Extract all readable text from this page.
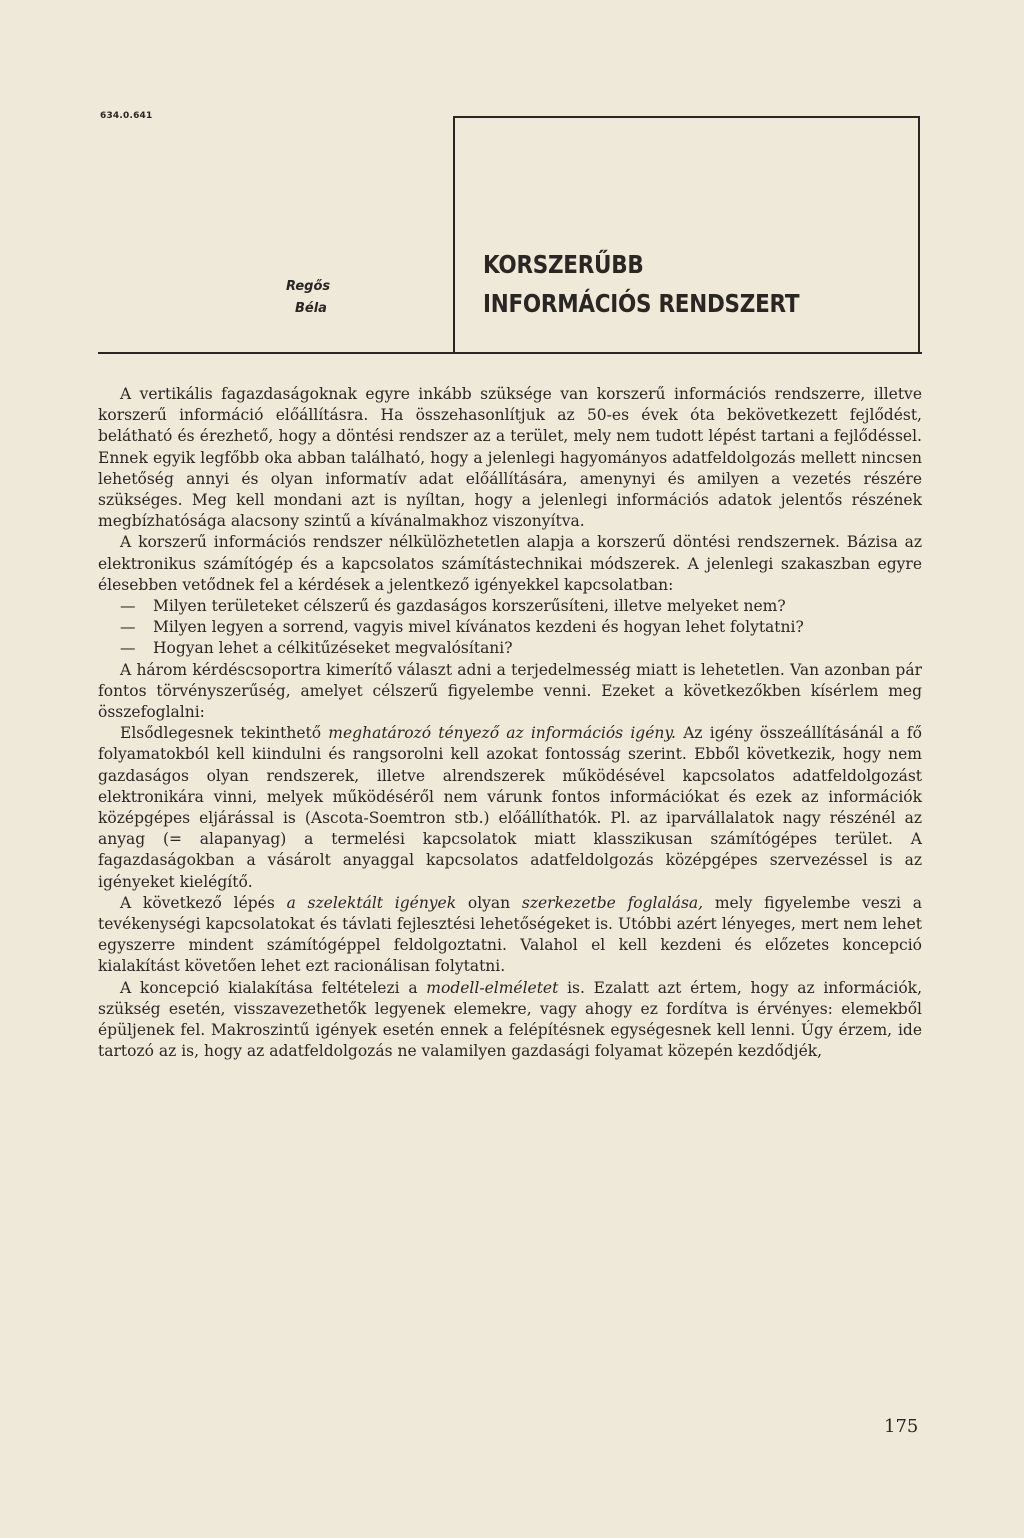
634.0.641
Regős
Béla
KORSZERŰBB
INFORMÁCIÓS RENDSZERT

A vertikális fagazdaságoknak egyre inkább szüksége van korszerű információs rendszerre, illetve korszerű információ előállításra. Ha összehasonlítjuk az 50-es évek óta bekövetkezett fejlődést, belátható és érezhető, hogy a döntési rendszer az a terület, mely nem tudott lépést tartani a fejlődéssel. Ennek egyik legfőbb oka abban található, hogy a jelenlegi hagyományos adatfeldolgozás mellett nincsen lehetőség annyi és olyan informatív adat előállítására, amenynyi és amilyen a vezetés részére szükséges. Meg kell mondani azt is nyíltan, hogy a jelenlegi információs adatok jelentős részének megbízhatósága alacsony szintű a kívánalmakhoz viszonyítva.

A korszerű információs rendszer nélkülözhetetlen alapja a korszerű döntési rendszernek. Bázisa az elektronikus számítógép és a kapcsolatos számítástechnikai módszerek. A jelenlegi szakaszban egyre élesebben vetődnek fel a kérdések a jelentkező igényekkel kapcsolatban:

— Milyen területeket célszerű és gazdaságos korszerűsíteni, illetve melyeket nem?
— Milyen legyen a sorrend, vagyis mivel kívánatos kezdeni és hogyan lehet folytatni?
— Hogyan lehet a célkitűzéseket megvalósítani?

A három kérdéscsoportra kimerítő választ adni a terjedelmesség miatt is lehetetlen. Van azonban pár fontos törvényszerűség, amelyet célszerű figyelembe venni. Ezeket a következőkben kísérlem meg összefoglalni:

Elsődlegesnek tekinthető meghatározó tényező az információs igény. Az igény összeállításánál a fő folyamatokból kell kiindulni és rangsorolni kell azokat fontosság szerint. Ebből következik, hogy nem gazdaságos olyan rendszerek, illetve alrendszerek működésével kapcsolatos adatfeldolgozást elektronikára vinni, melyek működéséről nem várunk fontos információkat és ezek az információk középgépes eljárással is (Ascota-Soemtron stb.) előállíthatók. Pl. az iparvállalatok nagy részénél az anyag (= alapanyag) a termelési kapcsolatok miatt klasszikusan számítógépes terület. A fagazdaságokban a vásárolt anyaggal kapcsolatos adatfeldolgozás középgépes szervezéssel is az igényeket kielégítő.

A következő lépés a szelektált igények olyan szerkezetbe foglalása, mely figyelembe veszi a tevékenységi kapcsolatokat és távlati fejlesztési lehetőségeket is. Utóbbi azért lényeges, mert nem lehet egyszerre mindent számítógéppel feldolgoztatni. Valahol el kell kezdeni és előzetes koncepció kialakítást követően lehet ezt racionálisan folytatni.

A koncepció kialakítása feltételezi a modell-elméletet is. Ezalatt azt értem, hogy az információk, szükség esetén, visszavezethetők legyenek elemekre, vagy ahogy ez fordítva is érvényes: elemekből épüljenek fel. Makroszintű igények esetén ennek a felépítésnek egységesnek kell lenni. Úgy érzem, ide tartozó az is, hogy az adatfeldolgozás ne valamilyen gazdasági folyamat közepén kezdődjék,

175
